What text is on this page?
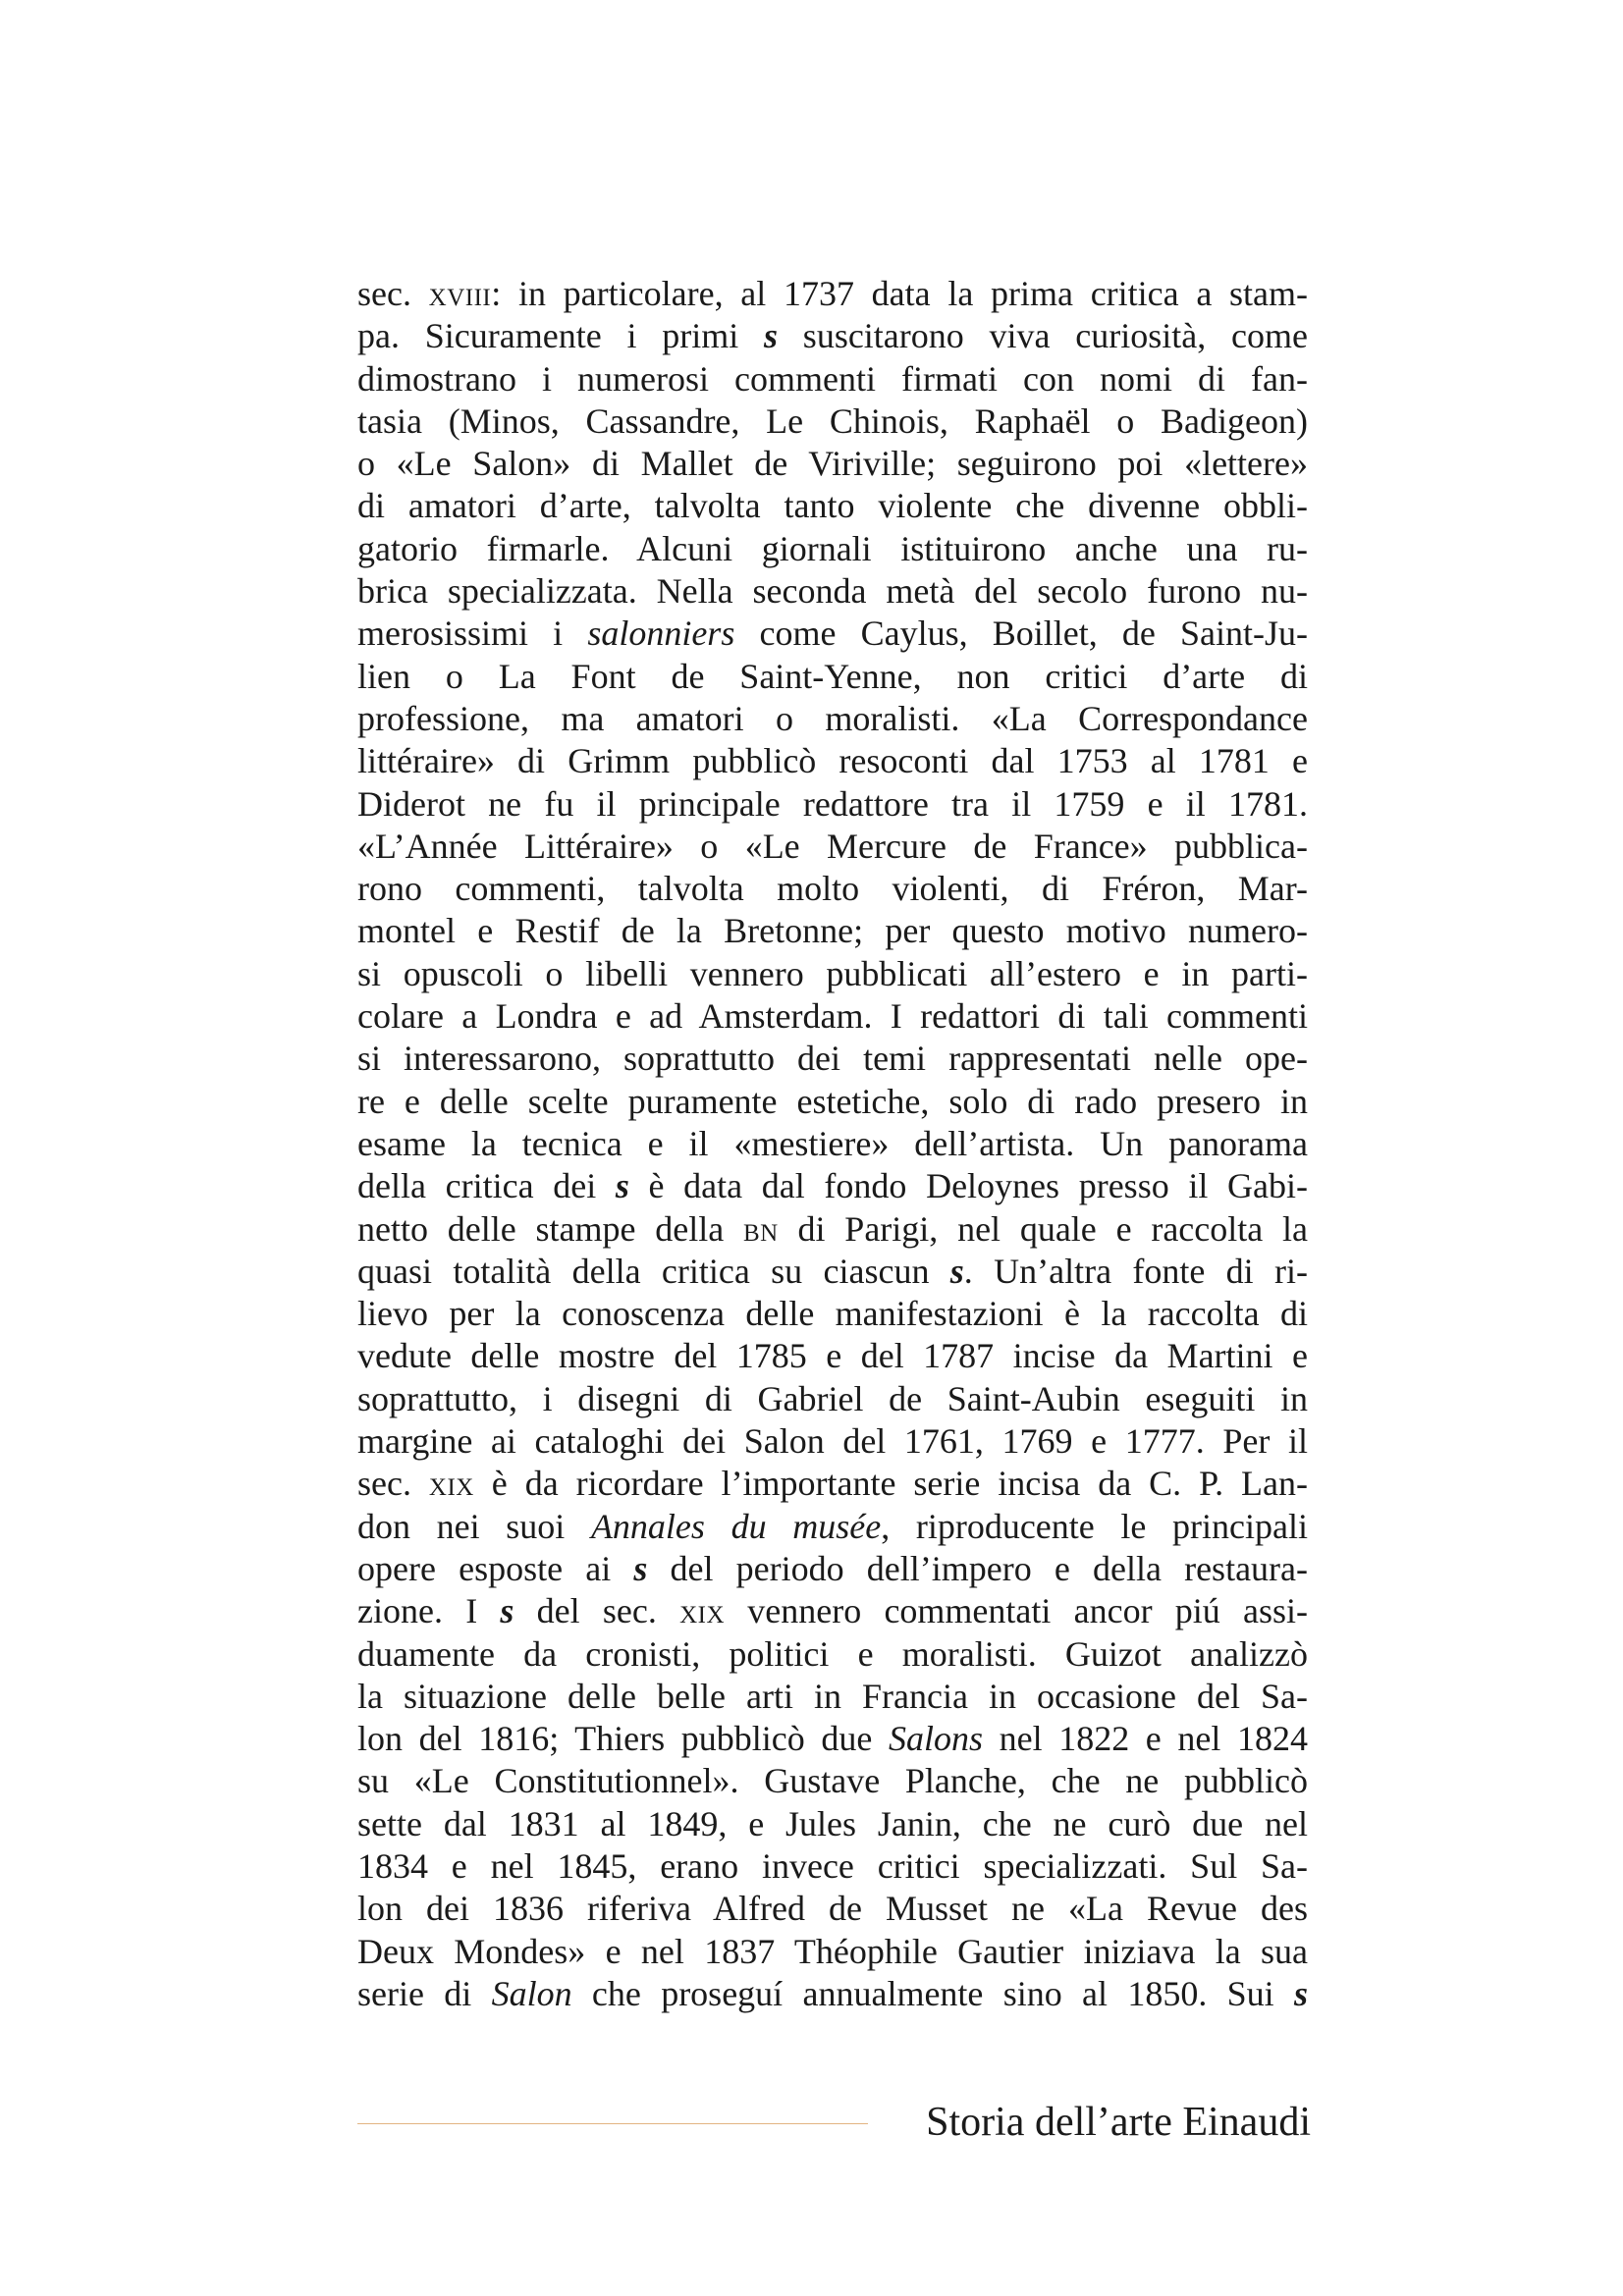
sec. xviii: in particolare, al 1737 data la prima critica a stam-
pa. Sicuramente i primi s suscitarono viva curiosità, come
dimostrano i numerosi commenti firmati con nomi di fan-
tasia (Minos, Cassandre, Le Chinois, Raphaël o Badigeon)
o «Le Salon» di Mallet de Viriville; seguirono poi «lettere»
di amatori d’arte, talvolta tanto violente che divenne obbli-
gatorio firmarle. Alcuni giornali istituirono anche una ru-
brica specializzata. Nella seconda metà del secolo furono nu-
merosissimi i salonniers come Caylus, Boillet, de Saint-Ju-
lien o La Font de Saint-Yenne, non critici d’arte di
professione, ma amatori o moralisti. «La Correspondance
littéraire» di Grimm pubblicò resoconti dal 1753 al 1781 e
Diderot ne fu il principale redattore tra il 1759 e il 1781.
«L’Année Littéraire» o «Le Mercure de France» pubblica-
rono commenti, talvolta molto violenti, di Fréron, Mar-
montel e Restif de la Bretonne; per questo motivo numero-
si opuscoli o libelli vennero pubblicati all’estero e in parti-
colare a Londra e ad Amsterdam. I redattori di tali commenti
si interessarono, soprattutto dei temi rappresentati nelle ope-
re e delle scelte puramente estetiche, solo di rado presero in
esame la tecnica e il «mestiere» dell’artista. Un panorama
della critica dei s è data dal fondo Deloynes presso il Gabi-
netto delle stampe della bn di Parigi, nel quale e raccolta la
quasi totalità della critica su ciascun s. Un’altra fonte di ri-
lievo per la conoscenza delle manifestazioni è la raccolta di
vedute delle mostre del 1785 e del 1787 incise da Martini e
soprattutto, i disegni di Gabriel de Saint-Aubin eseguiti in
margine ai cataloghi dei Salon del 1761, 1769 e 1777. Per il
sec. xix è da ricordare l’importante serie incisa da C. P. Lan-
don nei suoi Annales du musée, riproducente le principali
opere esposte ai s del periodo dell’impero e della restaura-
zione. I s del sec. xix vennero commentati ancor piú assi-
duamente da cronisti, politici e moralisti. Guizot analizzò
la situazione delle belle arti in Francia in occasione del Sa-
lon del 1816; Thiers pubblicò due Salons nel 1822 e nel 1824
su «Le Constitutionnel». Gustave Planche, che ne pubblicò
sette dal 1831 al 1849, e Jules Janin, che ne curò due nel
1834 e nel 1845, erano invece critici specializzati. Sul Sa-
lon dei 1836 riferiva Alfred de Musset ne «La Revue des
Deux Mondes» e nel 1837 Théophile Gautier iniziava la sua
serie di Salon che proseguí annualmente sino al 1850. Sui s
Storia dell’arte Einaudi
